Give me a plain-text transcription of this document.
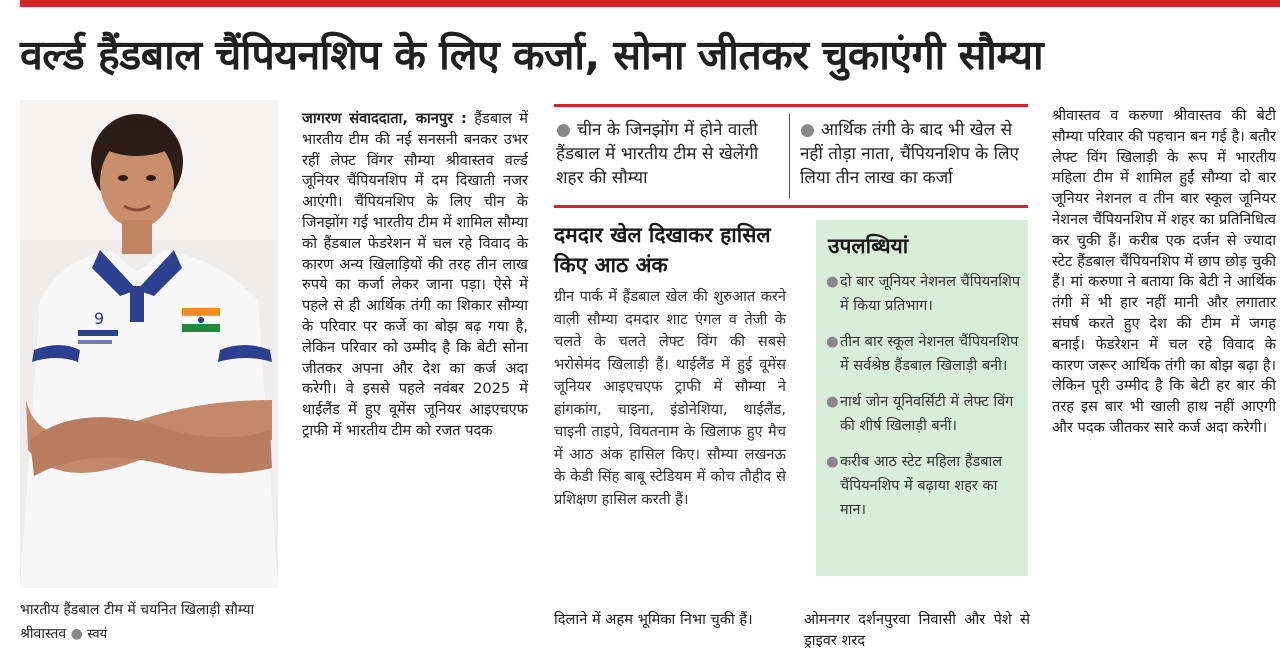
वर्ल्ड हैंडबाल चैंपियनशिप के लिए कर्जा, सोना जीतकर चुकाएंगी सौम्या
9
भारतीय हैंडबाल टीम में चयनित खिलाड़ी सौम्या श्रीवास्तव ● स्वयं

जागरण संवाददाता, कानपुर : हैंडबाल में भारतीय टीम की नई सनसनी बनकर उभर रहीं लेफ्ट विंगर सौम्या श्रीवास्तव वर्ल्ड जूनियर चैंपियनशिप में दम दिखाती नजर आएंगी। चैंपियनशिप के लिए चीन के जिनझोंग गई भारतीय टीम में शामिल सौम्या को हैंडबाल फेडरेशन में चल रहे विवाद के कारण अन्य खिलाड़ियों की तरह तीन लाख रुपये का कर्जा लेकर जाना पड़ा। ऐसे में पहले से ही आर्थिक तंगी का शिकार सौम्या के परिवार पर कर्जे का बोझ बढ़ गया है, लेकिन परिवार को उम्मीद है कि बेटी सोना जीतकर अपना और देश का कर्ज अदा करेगी। वे इससे पहले नवंबर 2025 में थाईलैंड में हुए वूमेंस जूनियर आइएचएफ ट्राफी में भारतीय टीम को रजत पदक

● चीन के जिनझोंग में होने वाली हैंडबाल में भारतीय टीम से खेलेंगी शहर की सौम्या
● आर्थिक तंगी के बाद भी खेल से नहीं तोड़ा नाता, चैंपियनशिप के लिए लिया तीन लाख का कर्जा
दमदार खेल दिखाकर हासिल किए आठ अंक
ग्रीन पार्क में हैंडबाल खेल की शुरुआत करने वाली सौम्या दमदार शाट एंगल व तेजी के चलते के चलते लेफ्ट विंग की सबसे भरोसेमंद खिलाड़ी हैं। थाईलैंड में हुई वूमेंस जूनियर आइएचएफ ट्राफी में सौम्या ने हांगकांग, चाइना, इंडोनेशिया, थाईलैंड, चाइनी ताइपे, वियतनाम के खिलाफ हुए मैच में आठ अंक हासिल किए। सौम्या लखनऊ के केडी सिंह बाबू स्टेडियम में कोच तौहीद से प्रशिक्षण हासिल करती हैं।
उपलब्धियां
● दो बार जूनियर नेशनल चैंपियनशिप में किया प्रतिभाग।
● तीन बार स्कूल नेशनल चैंपियनशिप में सर्वश्रेष्ठ हैंडबाल खिलाड़ी बनी।
● नार्थ जोन यूनिवर्सिटी में लेफ्ट विंग की शीर्ष खिलाड़ी बनीं।
● करीब आठ स्टेट महिला हैंडबाल चैंपियनशिप में बढ़ाया शहर का मान।
दिलाने में अहम भूमिका निभा चुकी हैं।	ओमनगर दर्शनपुरवा निवासी और पेशे से ड्राइवर शरद

श्रीवास्तव व करुणा श्रीवास्तव की बेटी सौम्या परिवार की पहचान बन गई है। बतौर लेफ्ट विंग खिलाड़ी के रूप में भारतीय महिला टीम में शामिल हुईं सौम्या दो बार जूनियर नेशनल व तीन बार स्कूल जूनियर नेशनल चैंपियनशिप में शहर का प्रतिनिधित्व कर चुकी हैं। करीब एक दर्जन से ज्यादा स्टेट हैंडबाल चैंपियनशिप में छाप छोड़ चुकी हैं। मां करुणा ने बताया कि बेटी ने आर्थिक तंगी में भी हार नहीं मानी और लगातार संघर्ष करते हुए देश की टीम में जगह बनाई। फेडरेशन में चल रहे विवाद के कारण जरूर आर्थिक तंगी का बोझ बढ़ा है। लेकिन पूरी उम्मीद है कि बेटी हर बार की तरह इस बार भी खाली हाथ नहीं आएगी और पदक जीतकर सारे कर्ज अदा करेगी।
